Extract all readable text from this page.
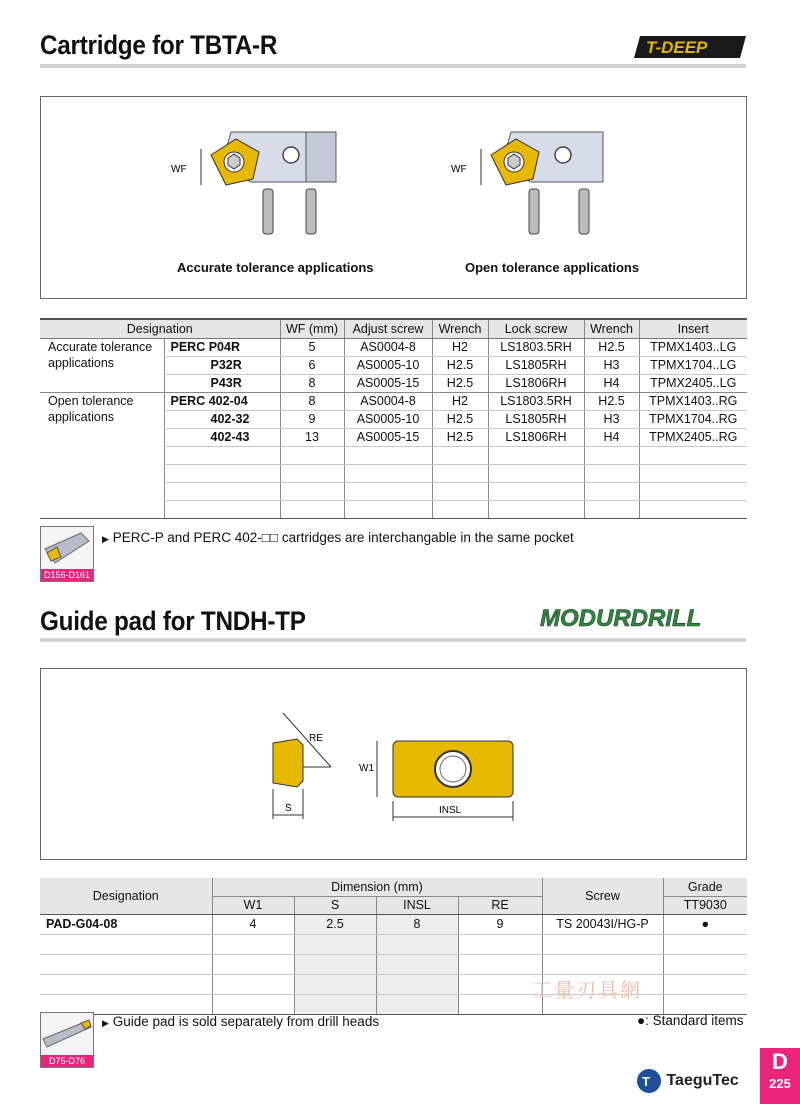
Cartridge for TBTA-R	T-DEEP
WF
Accurate tolerance applications
WF
Open tolerance applications
Designation		WF (mm)	Adjust screw	Wrench	Lock screw	Wrench	Insert
Accurate tolerance applications	PERC P04R	5	AS0004-8	H2	LS1803.5RH	H2.5	TPMX1403..LG
	P32R	6	AS0005-10	H2.5	LS1805RH	H3	TPMX1704..LG
	P43R	8	AS0005-15	H2.5	LS1806RH	H4	TPMX2405..LG
Open tolerance applications	PERC 402-04	8	AS0004-8	H2	LS1803.5RH	H2.5	TPMX1403..RG
	402-32	9	AS0005-10	H2.5	LS1805RH	H3	TPMX1704..RG
	402-43	13	AS0005-15	H2.5	LS1806RH	H4	TPMX2405..RG

D156-D161
▶ PERC-P and PERC 402-□□ cartridges are interchangable in the same pocket
Guide pad for TNDH-TP	MODURDRILL
RE
S
W1
INSL
Designation	Dimension (mm)				Screw	Grade
	W1	S	INSL	RE		TT9030
PAD-G04-08	4	2.5	8	9	TS 20043I/HG-P	●

工量刃具網
D75-D76
▶ Guide pad is sold separately from drill heads	●: Standard items
D
225
T TaeguTec
